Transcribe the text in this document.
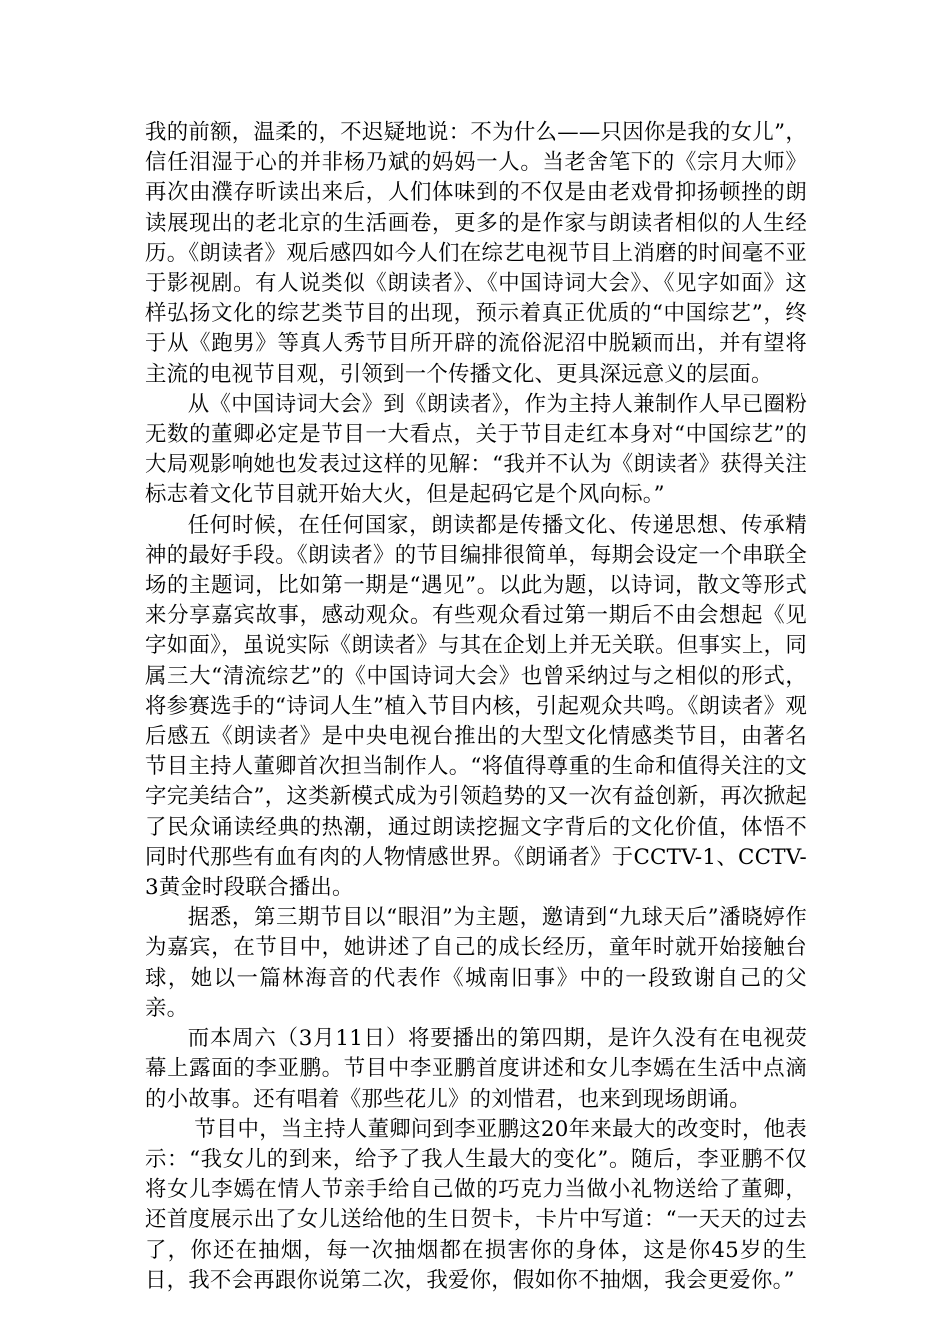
我的前额，温柔的，不迟疑地说：不为什么——只因你是我的女儿”，信任泪湿于心的并非杨乃斌的妈妈一人。当老舍笔下的《宗月大师》再次由濮存昕读出来后，人们体味到的不仅是由老戏骨抑扬顿挫的朗读展现出的老北京的生活画卷，更多的是作家与朗读者相似的人生经历。《朗读者》观后感四如今人们在综艺电视节目上消磨的时间毫不亚于影视剧。有人说类似《朗读者》、《中国诗词大会》、《见字如面》这样弘扬文化的综艺类节目的出现，预示着真正优质的“中国综艺”，终于从《跑男》等真人秀节目所开辟的流俗泥沼中脱颖而出，并有望将主流的电视节目观，引领到一个传播文化、更具深远意义的层面。

从《中国诗词大会》到《朗读者》，作为主持人兼制作人早已圈粉无数的董卿必定是节目一大看点，关于节目走红本身对“中国综艺”的大局观影响她也发表过这样的见解：“我并不认为《朗读者》获得关注标志着文化节目就开始大火，但是起码它是个风向标。”

任何时候，在任何国家，朗读都是传播文化、传递思想、传承精神的最好手段。《朗读者》的节目编排很简单，每期会设定一个串联全场的主题词，比如第一期是“遇见”。以此为题，以诗词，散文等形式来分享嘉宾故事，感动观众。有些观众看过第一期后不由会想起《见字如面》，虽说实际《朗读者》与其在企划上并无关联。但事实上，同属三大“清流综艺”的《中国诗词大会》也曾采纳过与之相似的形式，将参赛选手的“诗词人生”植入节目内核，引起观众共鸣。《朗读者》观后感五《朗读者》是中央电视台推出的大型文化情感类节目，由著名节目主持人董卿首次担当制作人。“将值得尊重的生命和值得关注的文字完美结合”，这类新模式成为引领趋势的又一次有益创新，再次掀起了民众诵读经典的热潮，通过朗读挖掘文字背后的文化价值，体悟不同时代那些有血有肉的人物情感世界。《朗诵者》于CCTV-1、CCTV-3黄金时段联合播出。

据悉，第三期节目以“眼泪”为主题，邀请到“九球天后”潘晓婷作为嘉宾，在节目中，她讲述了自己的成长经历，童年时就开始接触台球，她以一篇林海音的代表作《城南旧事》中的一段致谢自己的父亲。

而本周六（3月11日）将要播出的第四期，是许久没有在电视荧幕上露面的李亚鹏。节目中李亚鹏首度讲述和女儿李嫣在生活中点滴的小故事。还有唱着《那些花儿》的刘惜君，也来到现场朗诵。

节目中，当主持人董卿问到李亚鹏这20年来最大的改变时，他表示：“我女儿的到来，给予了我人生最大的变化”。随后，李亚鹏不仅将女儿李嫣在情人节亲手给自己做的巧克力当做小礼物送给了董卿，还首度展示出了女儿送给他的生日贺卡，卡片中写道：“一天天的过去了，你还在抽烟，每一次抽烟都在损害你的身体，这是你45岁的生日，我不会再跟你说第二次，我爱你，假如你不抽烟，我会更爱你。”
